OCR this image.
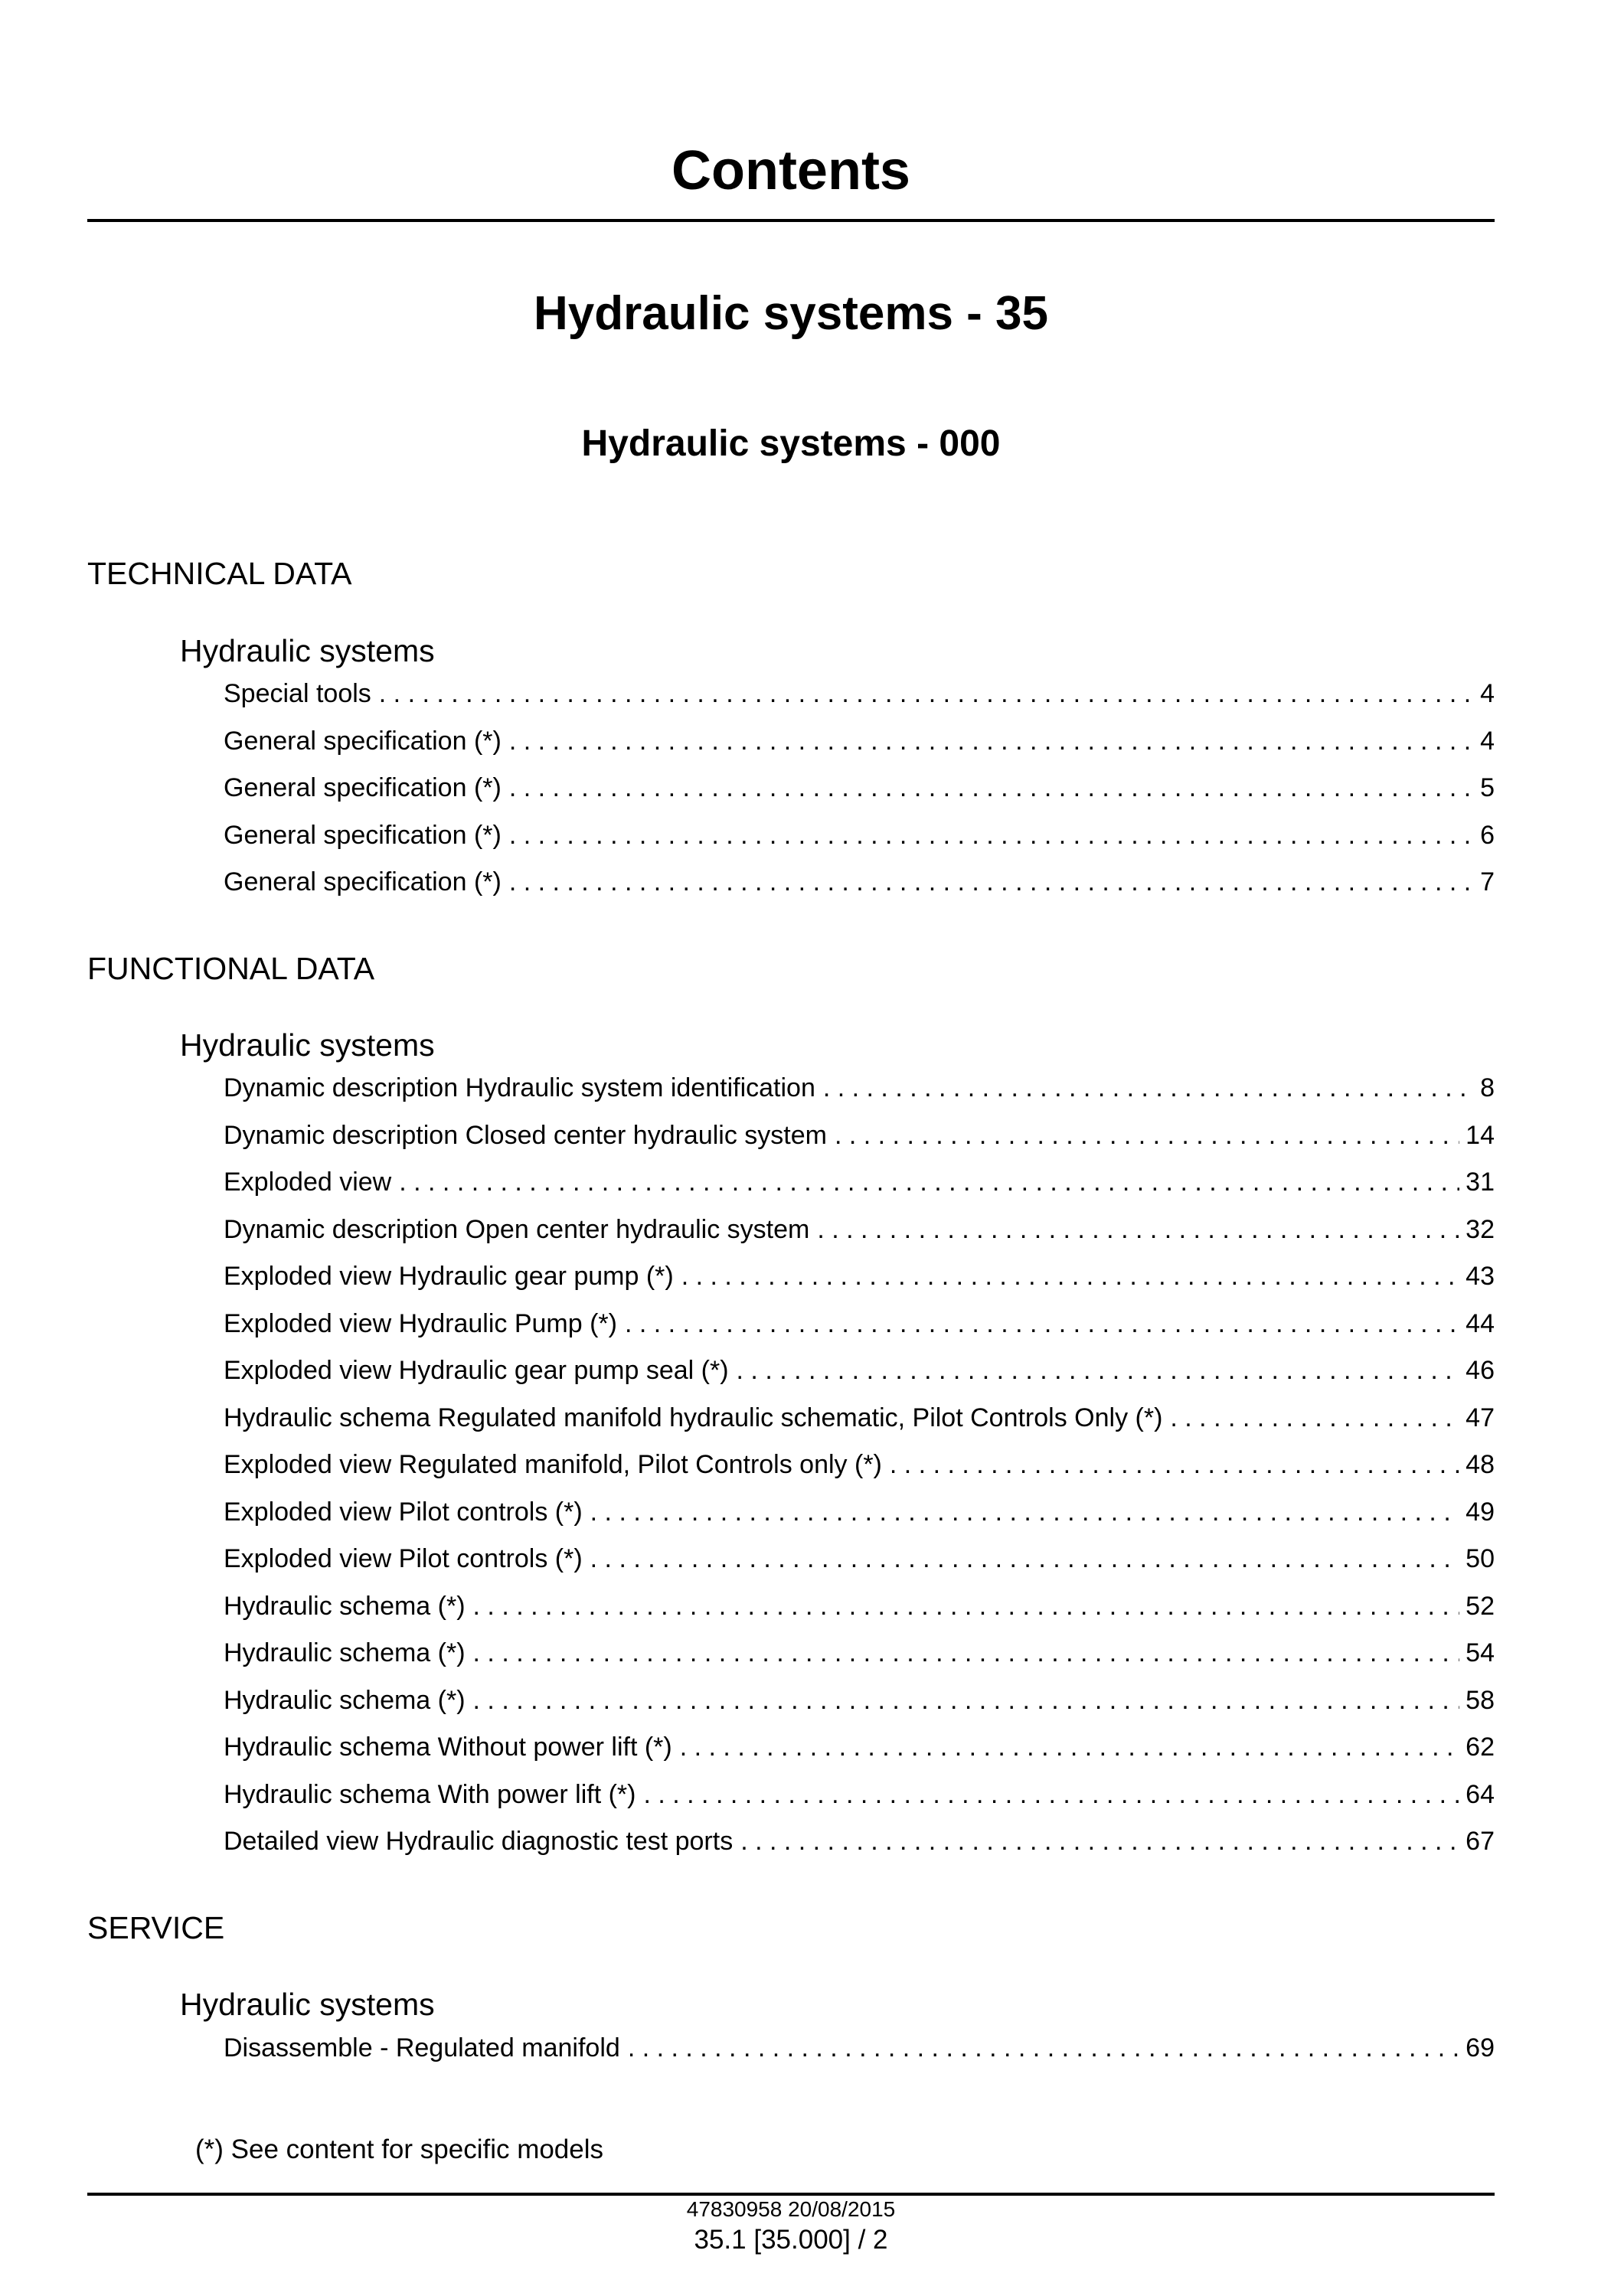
Contents
Hydraulic systems - 35
Hydraulic systems - 000
TECHNICAL DATA
Hydraulic systems
Special tools . . .	4
General specification (*) . . .	4
General specification (*) . . .	5
General specification (*) . . .	6
General specification (*) . . .	7
FUNCTIONAL DATA
Hydraulic systems
Dynamic description Hydraulic system identification . . .	8
Dynamic description Closed center hydraulic system . . .	14
Exploded view . . .	31
Dynamic description Open center hydraulic system . . .	32
Exploded view Hydraulic gear pump (*) . . .	43
Exploded view Hydraulic Pump (*) . . .	44
Exploded view Hydraulic gear pump seal (*) . . .	46
Hydraulic schema Regulated manifold hydraulic schematic, Pilot Controls Only (*) . . .	47
Exploded view Regulated manifold, Pilot Controls only (*) . . .	48
Exploded view Pilot controls (*) . . .	49
Exploded view Pilot controls (*) . . .	50
Hydraulic schema (*) . . .	52
Hydraulic schema (*) . . .	54
Hydraulic schema (*) . . .	58
Hydraulic schema Without power lift (*) . . .	62
Hydraulic schema With power lift (*) . . .	64
Detailed view Hydraulic diagnostic test ports . . .	67
SERVICE
Hydraulic systems
Disassemble - Regulated manifold . . .	69
(*) See content for specific models
47830958 20/08/2015
35.1 [35.000] / 2
